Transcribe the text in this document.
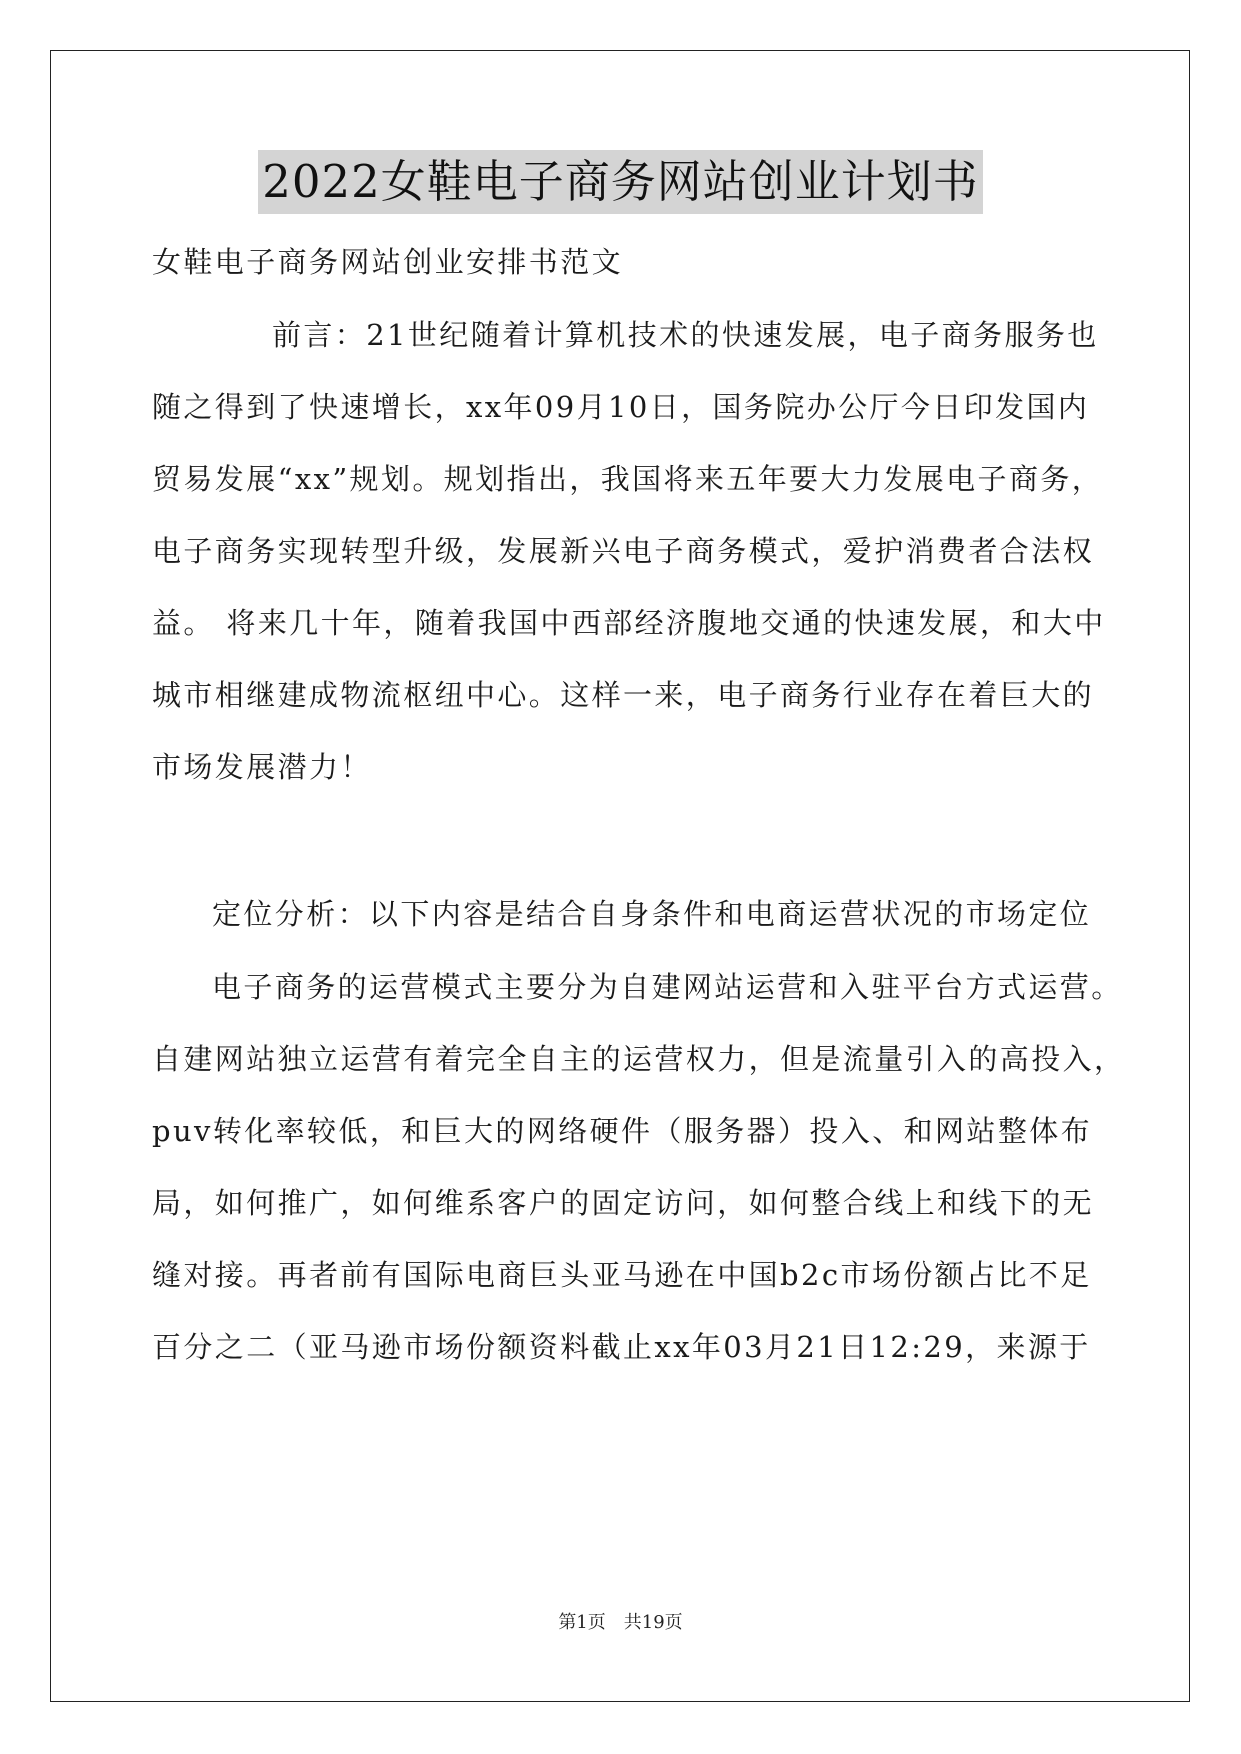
2022女鞋电子商务网站创业计划书
女鞋电子商务网站创业安排书范文
前言：21世纪随着计算机技术的快速发展，电子商务服务也
随之得到了快速增长，xx年09月10日，国务院办公厅今日印发国内
贸易发展“xx”规划。规划指出，我国将来五年要大力发展电子商务，
电子商务实现转型升级，发展新兴电子商务模式，爱护消费者合法权
益。 将来几十年，随着我国中西部经济腹地交通的快速发展，和大中
城市相继建成物流枢纽中心。这样一来，电子商务行业存在着巨大的
市场发展潜力！
定位分析：以下内容是结合自身条件和电商运营状况的市场定位
电子商务的运营模式主要分为自建网站运营和入驻平台方式运营。
自建网站独立运营有着完全自主的运营权力，但是流量引入的高投入，
puv转化率较低，和巨大的网络硬件（服务器）投入、和网站整体布
局，如何推广，如何维系客户的固定访问，如何整合线上和线下的无
缝对接。再者前有国际电商巨头亚马逊在中国b2c市场份额占比不足
百分之二（亚马逊市场份额资料截止xx年03月21日12:29，来源于
第1页　共19页
